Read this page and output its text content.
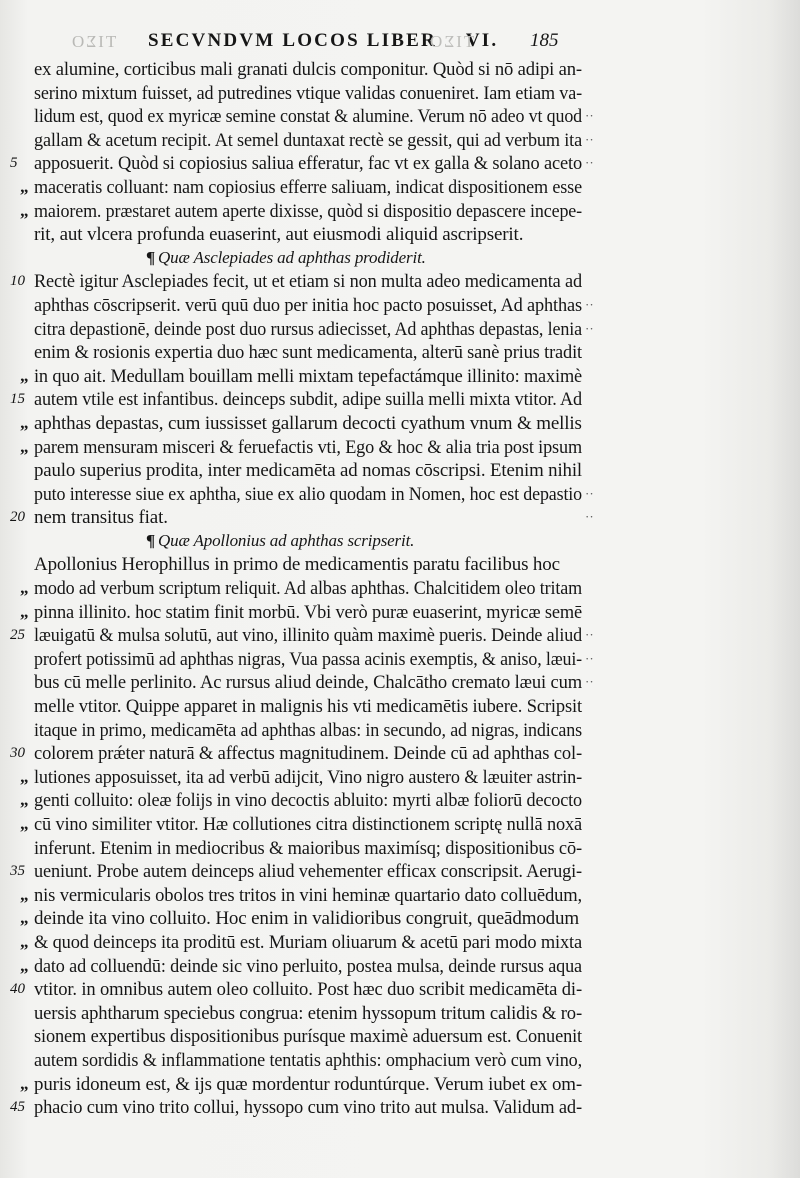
ΤΙΣΟ SECVNDVM LOCOS LIBER VI.
ΤΙΣΟ	185
ex alumine, corticibus mali granati dulcis componitur. Quòd si nō adipi an-
serino mixtum fuisset, ad putredines vtique validas conueniret. Iam etiam va-
lidum est, quod ex myricæ semine constat & alumine. Verum nō adeo vt quod ··
gallam & acetum recipit. At semel duntaxat rectè se gessit, qui ad verbum ita ··
5 apposuerit. Quòd si copiosius saliua efferatur, fac vt ex galla & solano aceto ··
„ maceratis colluant: nam copiosius efferre saliuam, indicat dispositionem esse
„ maiorem. præstaret autem aperte dixisse, quòd si dispositio depascere incepe-
rit, aut vlcera profunda euaserint, aut eiusmodi aliquid ascripserit.
¶ Quæ Asclepiades ad aphthas prodiderit.
10 Rectè igitur Asclepiades fecit, ut et etiam si non multa adeo medicamenta ad
aphthas cōscripserit. verū quū duo per initia hoc pacto posuisset, Ad aphthas ··
citra depastionē, deinde post duo rursus adiecisset, Ad aphthas depastas, lenia ··
enim & rosionis expertia duo hæc sunt medicamenta, alterū sanè prius tradit
„ in quo ait. Medullam bouillam melli mixtam tepefactámque illinito: maximè
15 autem vtile est infantibus. deinceps subdit, adipe suilla melli mixta vtitor. Ad
„ aphthas depastas, cum iussisset gallarum decocti cyathum vnum & mellis
„ parem mensuram misceri & feruefactis vti, Ego & hoc & alia tria post ipsum
paulo superius prodita, inter medicamēta ad nomas cōscripsi. Etenim nihil
puto interesse siue ex aphtha, siue ex alio quodam in Nomen, hoc est depastio ··
20 nem transitus fiat.	··
¶ Quæ Apollonius ad aphthas scripserit.
Apollonius Herophillus in primo de medicamentis paratu facilibus hoc
„ modo ad verbum scriptum reliquit. Ad albas aphthas. Chalcitidem oleo tritam
„ pinna illinito. hoc statim finit morbū. Vbi verò puræ euaserint, myricæ semē
25 læuigatū & mulsa solutū, aut vino, illinito quàm maximè pueris. Deinde aliud ··
profert potissimū ad aphthas nigras, Vua passa acinis exemptis, & aniso, læui- ··
bus cū melle perlinito. Ac rursus aliud deinde, Chalcātho cremato læui cum ··
melle vtitor. Quippe apparet in malignis his vti medicamētis iubere. Scripsit
itaque in primo, medicamēta ad aphthas albas: in secundo, ad nigras, indicans
30 colorem prǽter naturā & affectus magnitudinem. Deinde cū ad aphthas col-
„ lutiones apposuisset, ita ad verbū adijcit, Vino nigro austero & læuiter astrin-
„ genti colluito: oleæ folijs in vino decoctis abluito: myrti albæ foliorū decocto
„ cū vino similiter vtitor. Hæ collutiones citra distinctionem scriptę nullā noxā
inferunt. Etenim in mediocribus & maioribus maximísq; dispositionibus cō-
35 ueniunt. Probe autem deinceps aliud vehementer efficax conscripsit. Aerugi-
„ nis vermicularis obolos tres tritos in vini heminæ quartario dato colluēdum,
„ deinde ita vino colluito. Hoc enim in validioribus congruit, queādmodum
„ & quod deinceps ita proditū est. Muriam oliuarum & acetū pari modo mixta
„ dato ad colluendū: deinde sic vino perluito, postea mulsa, deinde rursus aqua
40 vtitor. in omnibus autem oleo colluito. Post hæc duo scribit medicamēta di-
uersis aphtharum speciebus congrua: etenim hyssopum tritum calidis & ro-
sionem expertibus dispositionibus purísque maximè aduersum est. Conuenit
autem sordidis & inflammatione tentatis aphthis: omphacium verò cum vino,
„ puris idoneum est, & ijs quæ mordentur roduntúrque. Verum iubet ex om-
45 phacio cum vino trito collui, hyssopo cum vino trito aut mulsa. Validum ad-
